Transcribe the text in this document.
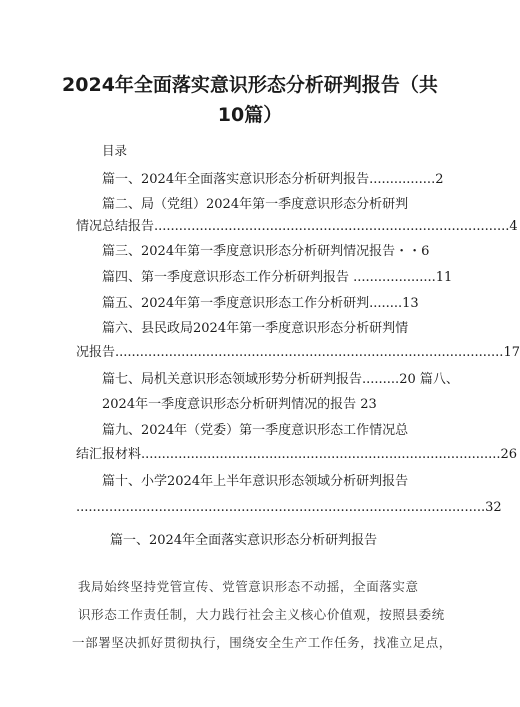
2024年全面落实意识形态分析研判报告（共
10篇）
目录
篇一、2024年全面落实意识形态分析研判报告................2
篇二、局（党组）2024年第一季度意识形态分析研判
情况总结报告......................................................................................4
篇三、2024年第一季度意识形态分析研判情况报告・・6
篇四、第一季度意识形态工作分析研判报告 ....................11
篇五、2024年第一季度意识形态工作分析研判........13
篇六、县民政局2024年第一季度意识形态分析研判情
况报告..............................................................................................17
篇七、局机关意识形态领域形势分析研判报告.........20 篇八、
2024年一季度意识形态分析研判情况的报告 23
篇九、2024年（党委）第一季度意识形态工作情况总
结汇报材料.......................................................................................26
篇十、小学2024年上半年意识形态领域分析研判报告
...................................................................................................32
篇一、2024年全面落实意识形态分析研判报告
我局始终坚持党管宣传、党管意识形态不动摇，全面落实意
识形态工作责任制，大力践行社会主义核心价值观，按照县委统
一部署坚决抓好贯彻执行，围绕安全生产工作任务，找准立足点，
